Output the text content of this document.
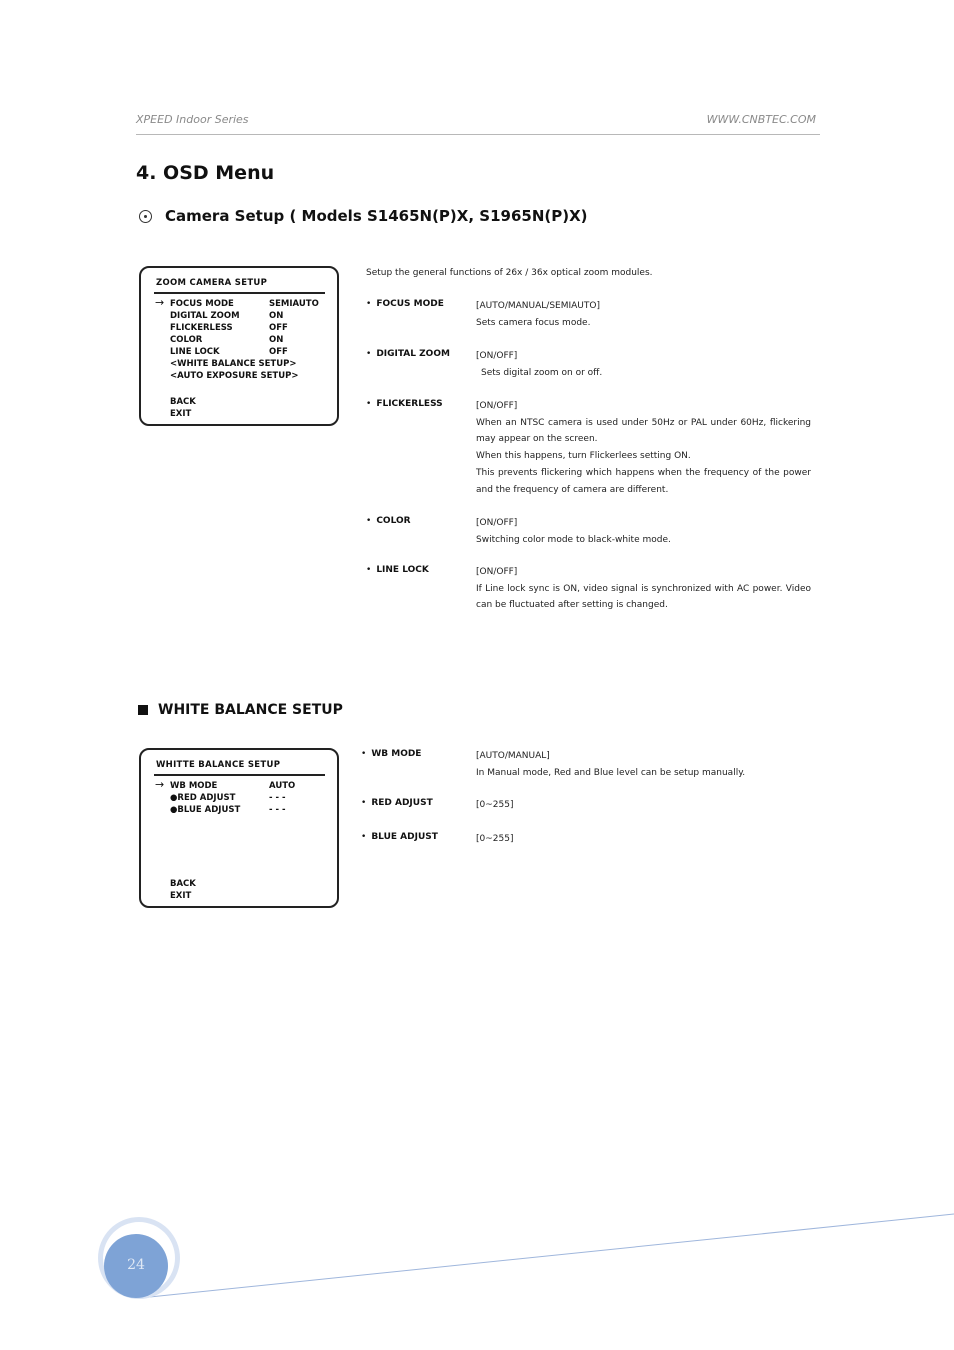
XPEED Indoor Series	WWW.CNBTEC.COM
4. OSD Menu
Camera Setup ( Models S1465N(P)X, S1965N(P)X)
ZOOM CAMERA SETUP
→ FOCUS MODE	SEMIAUTO
DIGITAL ZOOM	ON
FLICKERLESS	OFF
COLOR	ON
LINE LOCK	OFF
<WHITE BALANCE SETUP>
<AUTO EXPOSURE SETUP>
BACK
EXIT
Setup the general functions of 26x / 36x optical zoom modules.
• FOCUS MODE	[AUTO/MANUAL/SEMIAUTO]
Sets camera focus mode.
• DIGITAL ZOOM	[ON/OFF]
Sets digital zoom on or off.
• FLICKERLESS	[ON/OFF]
When an NTSC camera is used under 50Hz or PAL under 60Hz, flickering may appear on the screen.
When this happens, turn Flickerlees setting ON.
This prevents flickering which happens when the frequency of the power and the frequency of camera are different.
• COLOR	[ON/OFF]
Switching color mode to black-white mode.
• LINE LOCK	[ON/OFF]
If Line lock sync is ON, video signal is synchronized with AC power. Video can be fluctuated after setting is changed.
WHITE BALANCE SETUP
WHITTE BALANCE SETUP
→ WB MODE	AUTO
●RED ADJUST	- - -
●BLUE ADJUST	- - -
BACK
EXIT
• WB MODE	[AUTO/MANUAL]
In Manual mode, Red and Blue level can be setup manually.
• RED ADJUST	[0~255]
• BLUE ADJUST	[0~255]
24
